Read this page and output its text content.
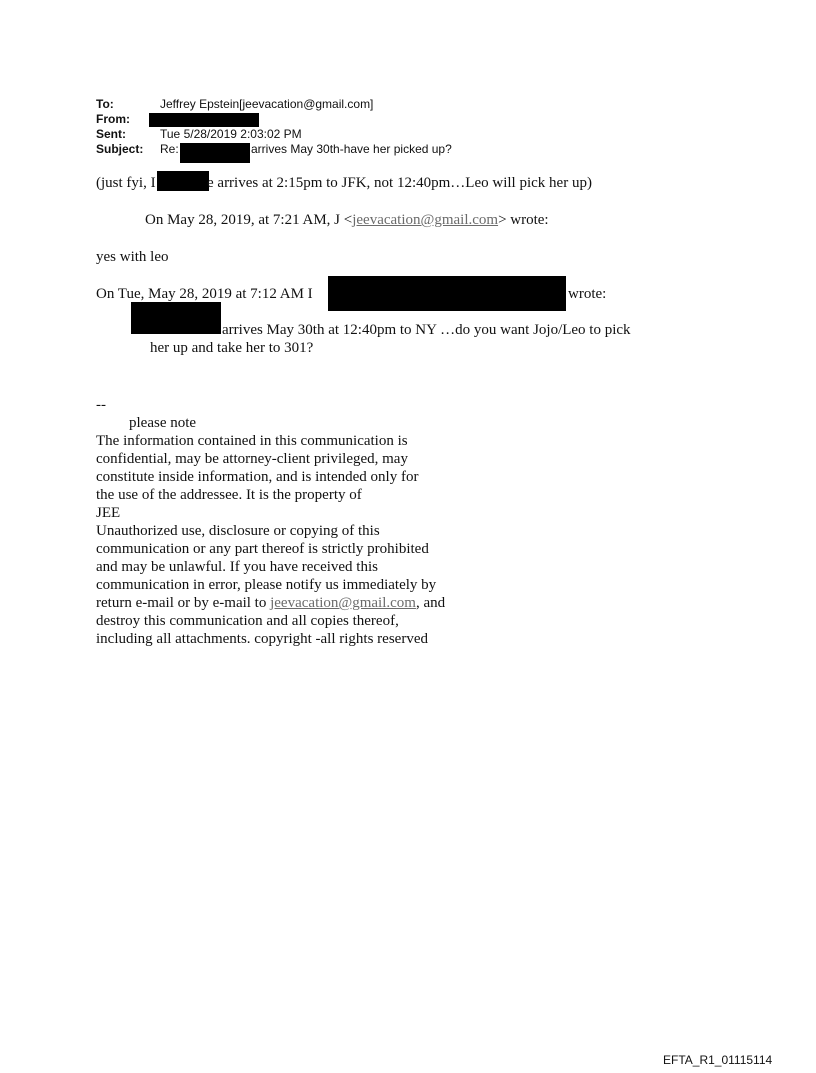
To:	Jeffrey Epstein[jeevacation@gmail.com]
From:
Sent:	Tue 5/28/2019 2:03:02 PM
Subject: Re:	arrives May 30th-have her picked up?
(just fyi, I	e arrives at 2:15pm to JFK, not 12:40pm…Leo will pick her up)
On May 28, 2019, at 7:21 AM, J <jeevacation@gmail.com> wrote:
yes with leo
On Tue, May 28, 2019 at 7:12 AM I	wrote:
arrives May 30th at 12:40pm to NY …do you want Jojo/Leo to pick
her up and take her to 301?
--
please note
The information contained in this communication is
confidential, may be attorney-client privileged, may
constitute inside information, and is intended only for
the use of the addressee. It is the property of
JEE
Unauthorized use, disclosure or copying of this
communication or any part thereof is strictly prohibited
and may be unlawful. If you have received this
communication in error, please notify us immediately by
return e-mail or by e-mail to jeevacation@gmail.com, and
destroy this communication and all copies thereof,
including all attachments. copyright -all rights reserved
EFTA_R1_01115114
